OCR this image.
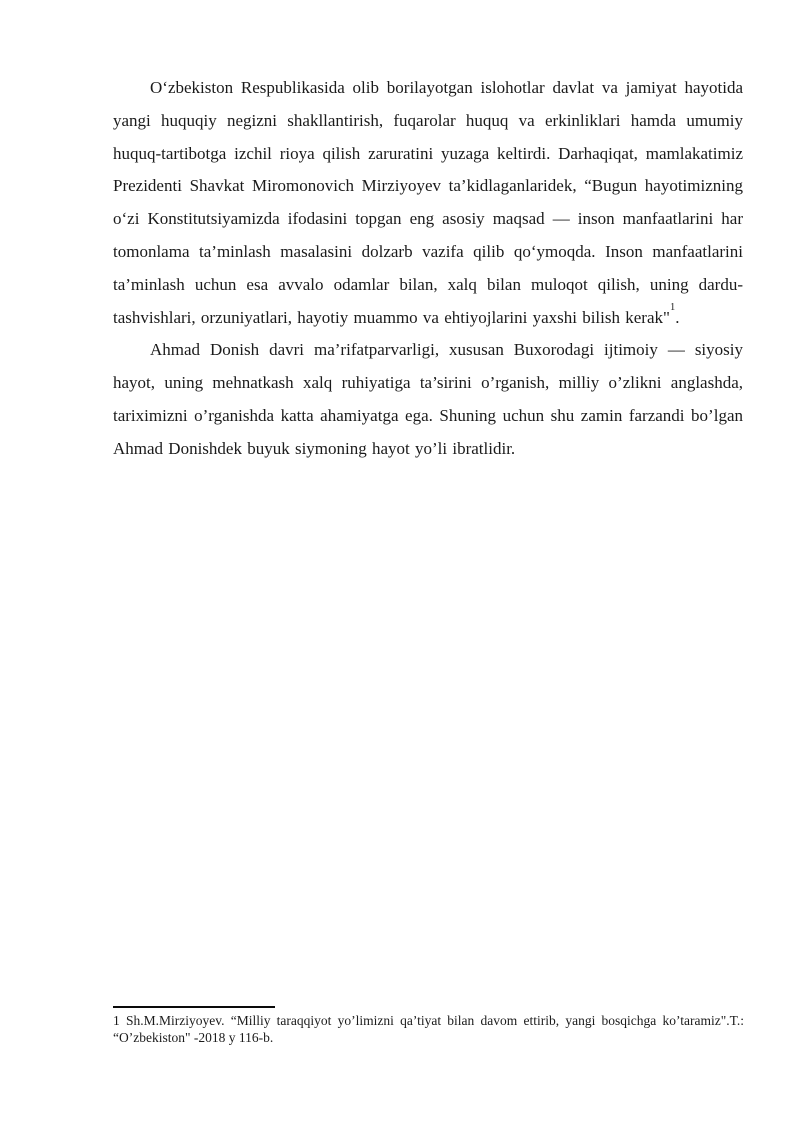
O‘zbekiston Respublikasida olib borilayotgan islohotlar davlat va jamiyat hayotida yangi huquqiy negizni shakllantirish, fuqarolar huquq va erkinliklari hamda umumiy huquq-tartibotga izchil rioya qilish zaruratini yuzaga keltirdi. Darhaqiqat, mamlakatimiz Prezidenti Shavkat Miromonovich Mirziyoyev ta’kidlaganlaridek, “Bugun hayotimizning o‘zi Konstitutsiyamizda ifodasini topgan eng asosiy maqsad — inson manfaatlarini har tomonlama ta’minlash masalasini dolzarb vazifa qilib qo‘ymoqda. Inson manfaatlarini ta’minlash uchun esa avvalo odamlar bilan, xalq bilan muloqot qilish, uning dardu-tashvishlari, orzuniyatlari, hayotiy muammo va ehtiyojlarini yaxshi bilish kerak"$^1$.

Ahmad Donish davri ma’rifatparvarligi, xususan Buxorodagi ijtimoiy — siyosiy hayot, uning mehnatkash xalq ruhiyatiga ta’sirini o’rganish, milliy o’zlikni anglashda, tariximizni o’rganishda katta ahamiyatga ega. Shuning uchun shu zamin farzandi bo’lgan Ahmad Donishdek buyuk siymoning hayot yo’li ibratlidir.

1 Sh.M.Mirziyoyev. “Milliy taraqqiyot yo’limizni qa’tiyat bilan davom ettirib, yangi bosqichga ko’taramiz".T.: “O’zbekiston" -2018 y 116-b.
